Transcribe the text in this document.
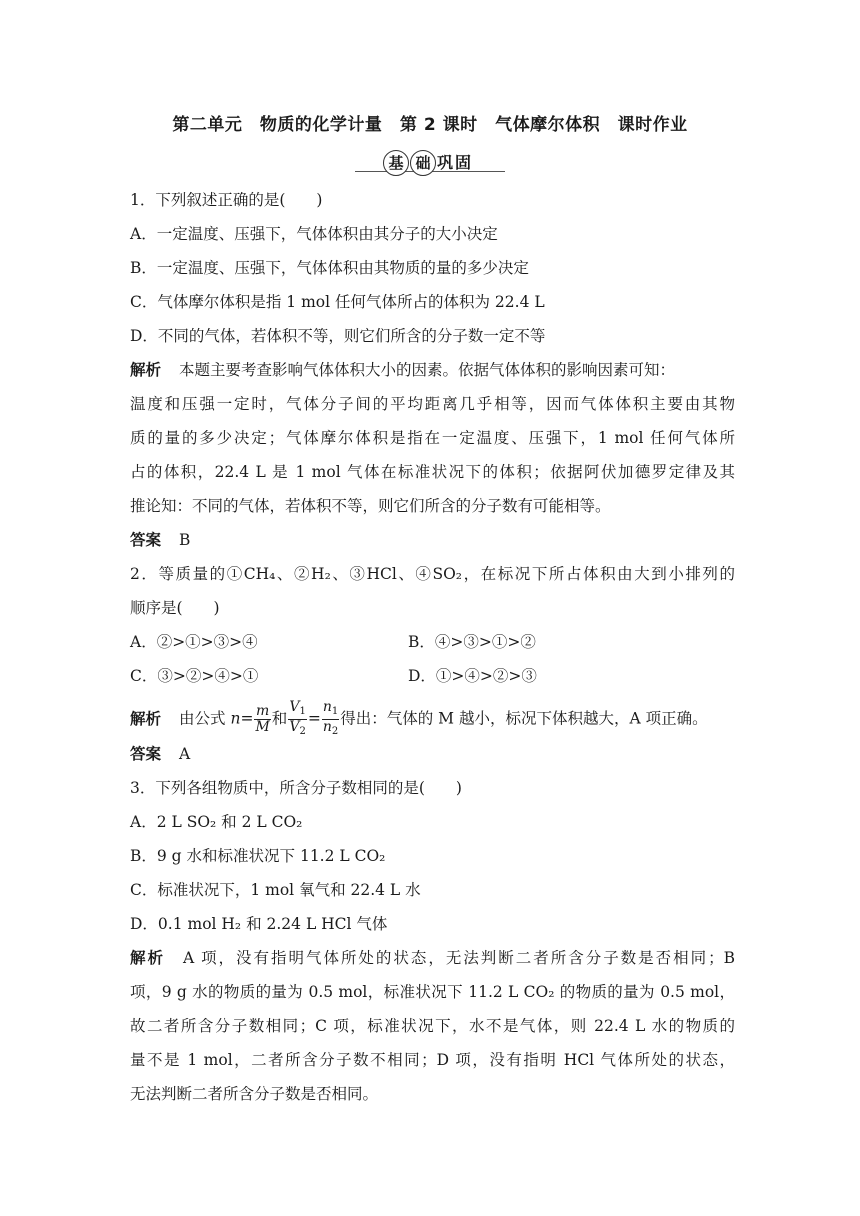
第二单元　物质的化学计量　第 2 课时　气体摩尔体积　课时作业
基 础 巩固
1．下列叙述正确的是(　　)
A．一定温度、压强下，气体体积由其分子的大小决定
B．一定温度、压强下，气体体积由其物质的量的多少决定
C．气体摩尔体积是指 1 mol 任何气体所占的体积为 22.4 L
D．不同的气体，若体积不等，则它们所含的分子数一定不等
解析 本题主要考查影响气体体积大小的因素。依据气体体积的影响因素可知：
温度和压强一定时，气体分子间的平均距离几乎相等，因而气体体积主要由其物
质的量的多少决定；气体摩尔体积是指在一定温度、压强下，1 mol 任何气体所
占的体积，22.4 L 是 1 mol 气体在标准状况下的体积；依据阿伏加德罗定律及其
推论知：不同的气体，若体积不等，则它们所含的分子数有可能相等。
答案 B
2．等质量的①CH₄、②H₂、③HCl、④SO₂，在标况下所占体积由大到小排列的
顺序是(　　)
A．②>①>③>④	B．④>③>①>②
C．③>②>④>①	D．①>④>②>③
解析 由公式 $n= \frac{m}{M}$ 和 $\frac{V_1}{V_2} = \frac{n_1}{n_2}$ 得出：气体的 M 越小，标况下体积越大，A 项正确。
答案 A
3．下列各组物质中，所含分子数相同的是(　　)
A．2 L SO₂ 和 2 L CO₂
B．9 g 水和标准状况下 11.2 L CO₂
C．标准状况下，1 mol 氧气和 22.4 L 水
D．0.1 mol H₂ 和 2.24 L HCl 气体
解析 A 项，没有指明气体所处的状态，无法判断二者所含分子数是否相同；B
项，9 g 水的物质的量为 0.5 mol，标准状况下 11.2 L CO₂ 的物质的量为 0.5 mol，
故二者所含分子数相同；C 项，标准状况下，水不是气体，则 22.4 L 水的物质的
量不是 1 mol，二者所含分子数不相同；D 项，没有指明 HCl 气体所处的状态，
无法判断二者所含分子数是否相同。
